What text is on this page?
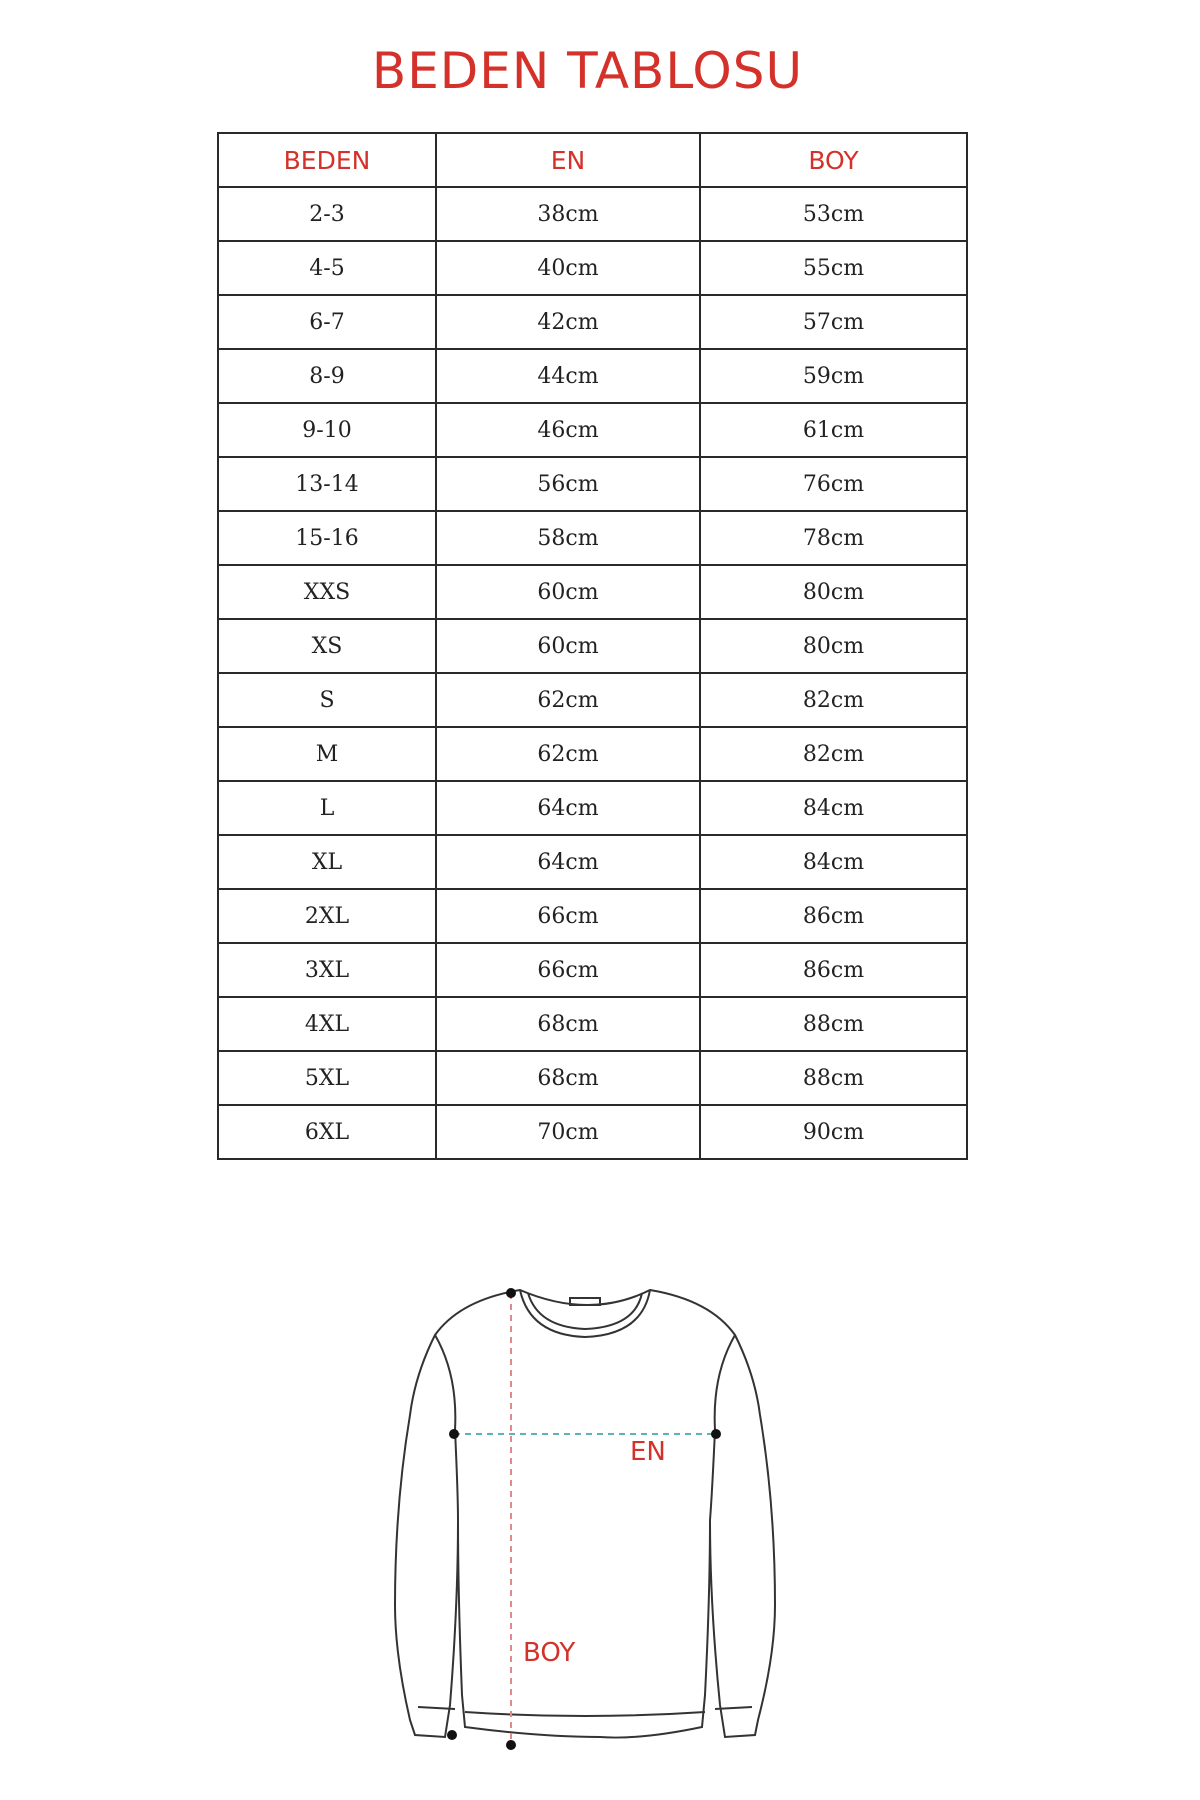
BEDEN TABLOSU
BEDEN	EN	BOY
2-3	38cm	53cm
4-5	40cm	55cm
6-7	42cm	57cm
8-9	44cm	59cm
9-10	46cm	61cm
13-14	56cm	76cm
15-16	58cm	78cm
XXS	60cm	80cm
XS	60cm	80cm
S	62cm	82cm
M	62cm	82cm
L	64cm	84cm
XL	64cm	84cm
2XL	66cm	86cm
3XL	66cm	86cm
4XL	68cm	88cm
5XL	68cm	88cm
6XL	70cm	90cm
EN
BOY
